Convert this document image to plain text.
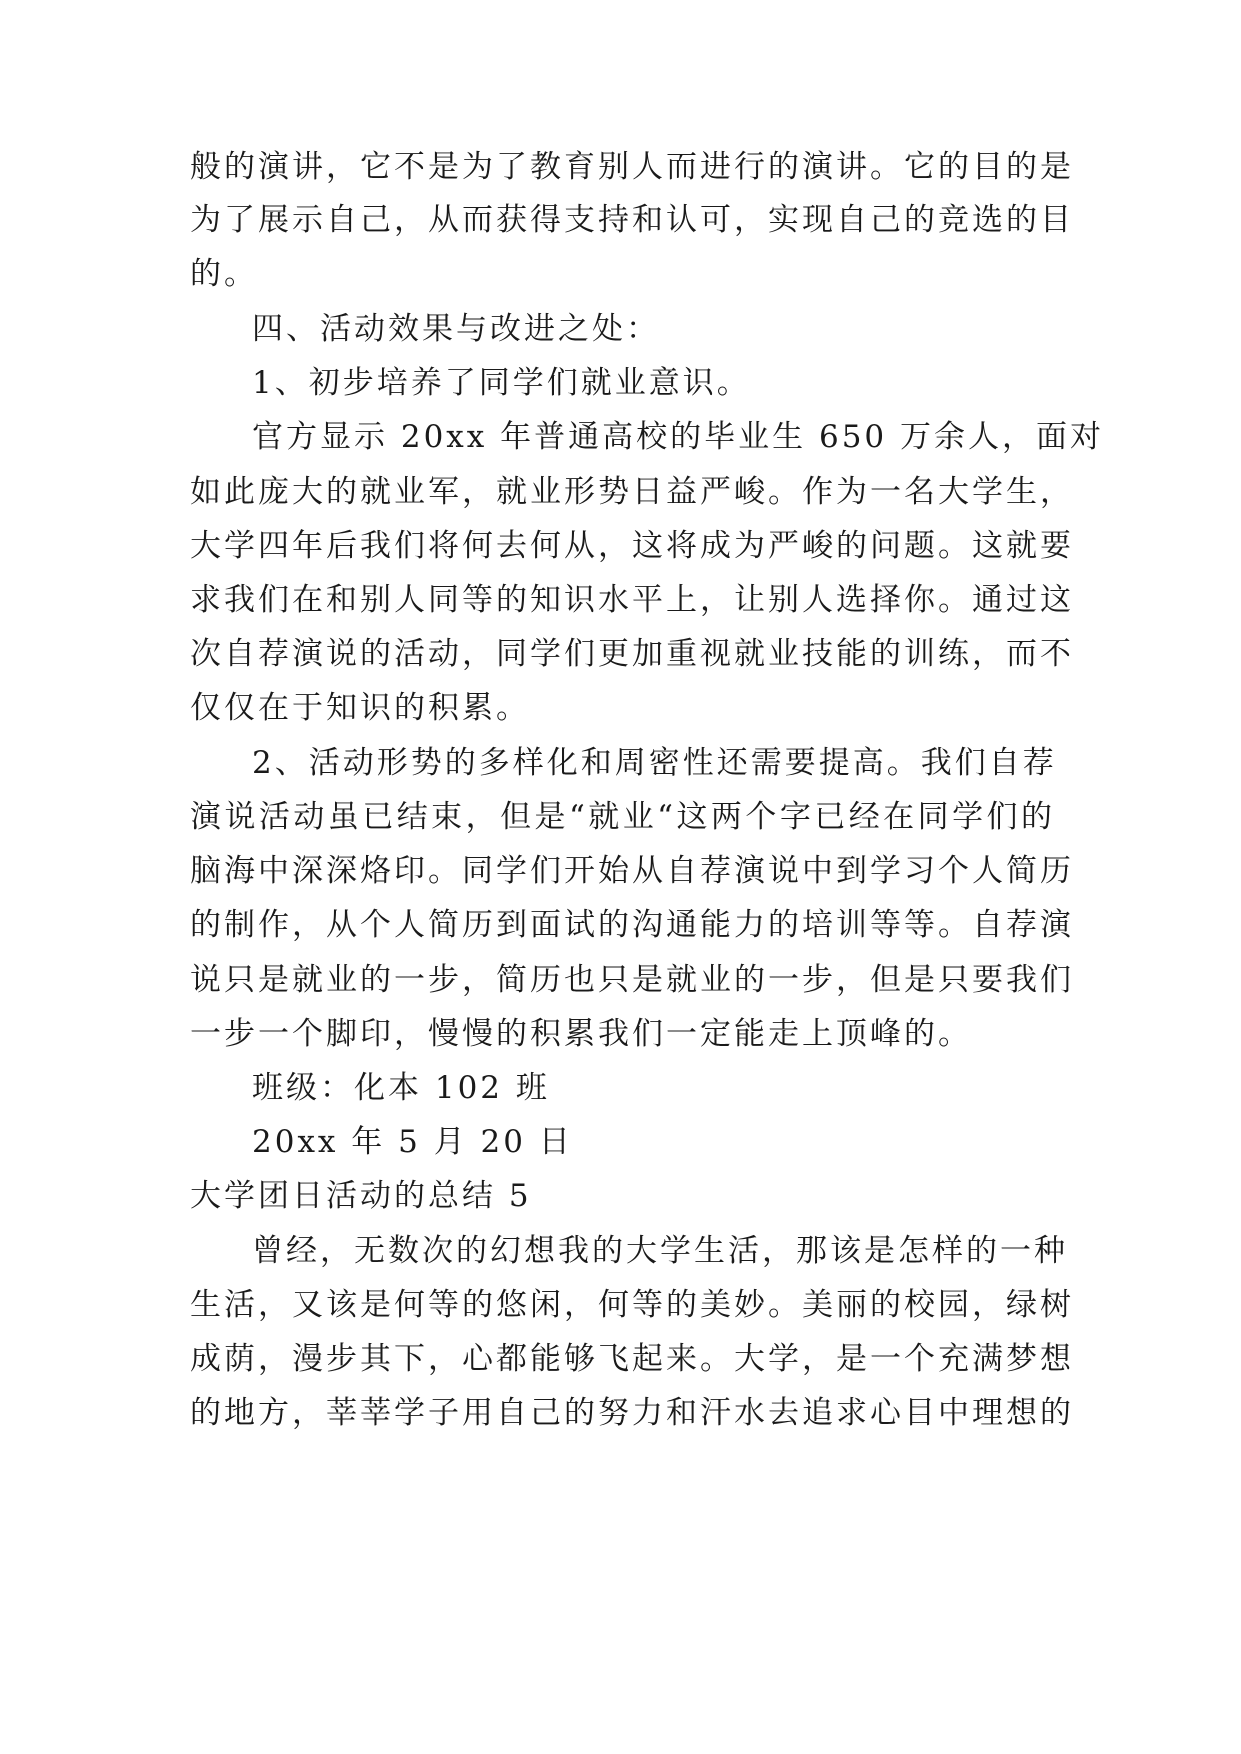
般的演讲，它不是为了教育别人而进行的演讲。它的目的是
为了展示自己，从而获得支持和认可，实现自己的竞选的目
的。
四、活动效果与改进之处：
1、初步培养了同学们就业意识。
官方显示 20xx 年普通高校的毕业生 650 万余人，面对
如此庞大的就业军，就业形势日益严峻。作为一名大学生，
大学四年后我们将何去何从，这将成为严峻的问题。这就要
求我们在和别人同等的知识水平上，让别人选择你。通过这
次自荐演说的活动，同学们更加重视就业技能的训练，而不
仅仅在于知识的积累。
2、活动形势的多样化和周密性还需要提高。我们自荐
演说活动虽已结束，但是“就业“这两个字已经在同学们的
脑海中深深烙印。同学们开始从自荐演说中到学习个人简历
的制作，从个人简历到面试的沟通能力的培训等等。自荐演
说只是就业的一步，简历也只是就业的一步，但是只要我们
一步一个脚印，慢慢的积累我们一定能走上顶峰的。
班级：化本 102 班
20xx 年 5 月 20 日
大学团日活动的总结 5
曾经，无数次的幻想我的大学生活，那该是怎样的一种
生活，又该是何等的悠闲，何等的美妙。美丽的校园，绿树
成荫，漫步其下，心都能够飞起来。大学，是一个充满梦想
的地方，莘莘学子用自己的努力和汗水去追求心目中理想的
